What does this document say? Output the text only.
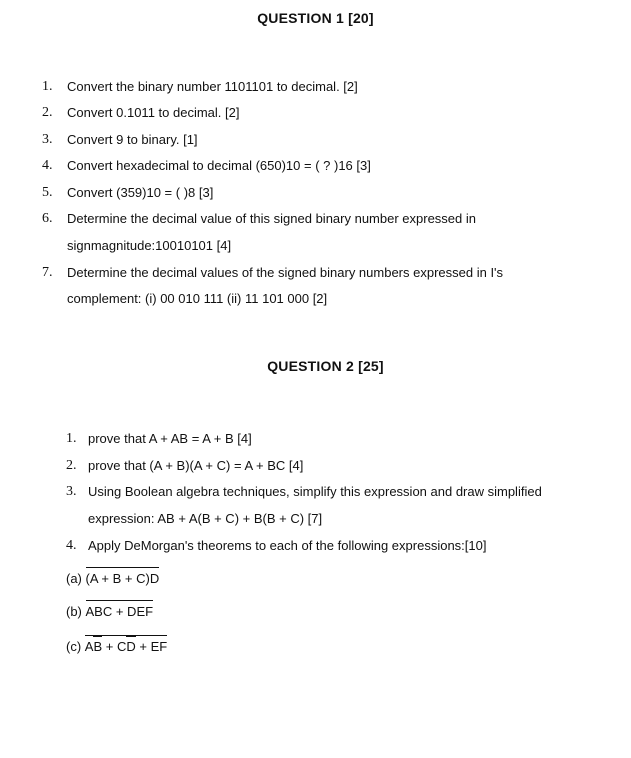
QUESTION 1 [20]
1. Convert the binary number 1101101 to decimal. [2]
2. Convert 0.1011 to decimal. [2]
3. Convert 9 to binary. [1]
4. Convert hexadecimal to decimal (650)10 = ( ? )16 [3]
5. Convert (359)10 = ( )8 [3]
6. Determine the decimal value of this signed binary number expressed in
signmagnitude:10010101 [4]
7. Determine the decimal values of the signed binary numbers expressed in I's
complement: (i) 00 010 111 (ii) 11 101 000 [2]
QUESTION 2 [25]
1. prove that A + AB = A + B [4]
2. prove that (A + B)(A + C) = A + BC [4]
3. Using Boolean algebra techniques, simplify this expression and draw simplified
expression: AB + A(B + C) + B(B + C) [7]
4. Apply DeMorgan's theorems to each of the following expressions:[10]
(a) (A + B + C)D
(b) ABC + DEF
(c) AB + CD + EF
